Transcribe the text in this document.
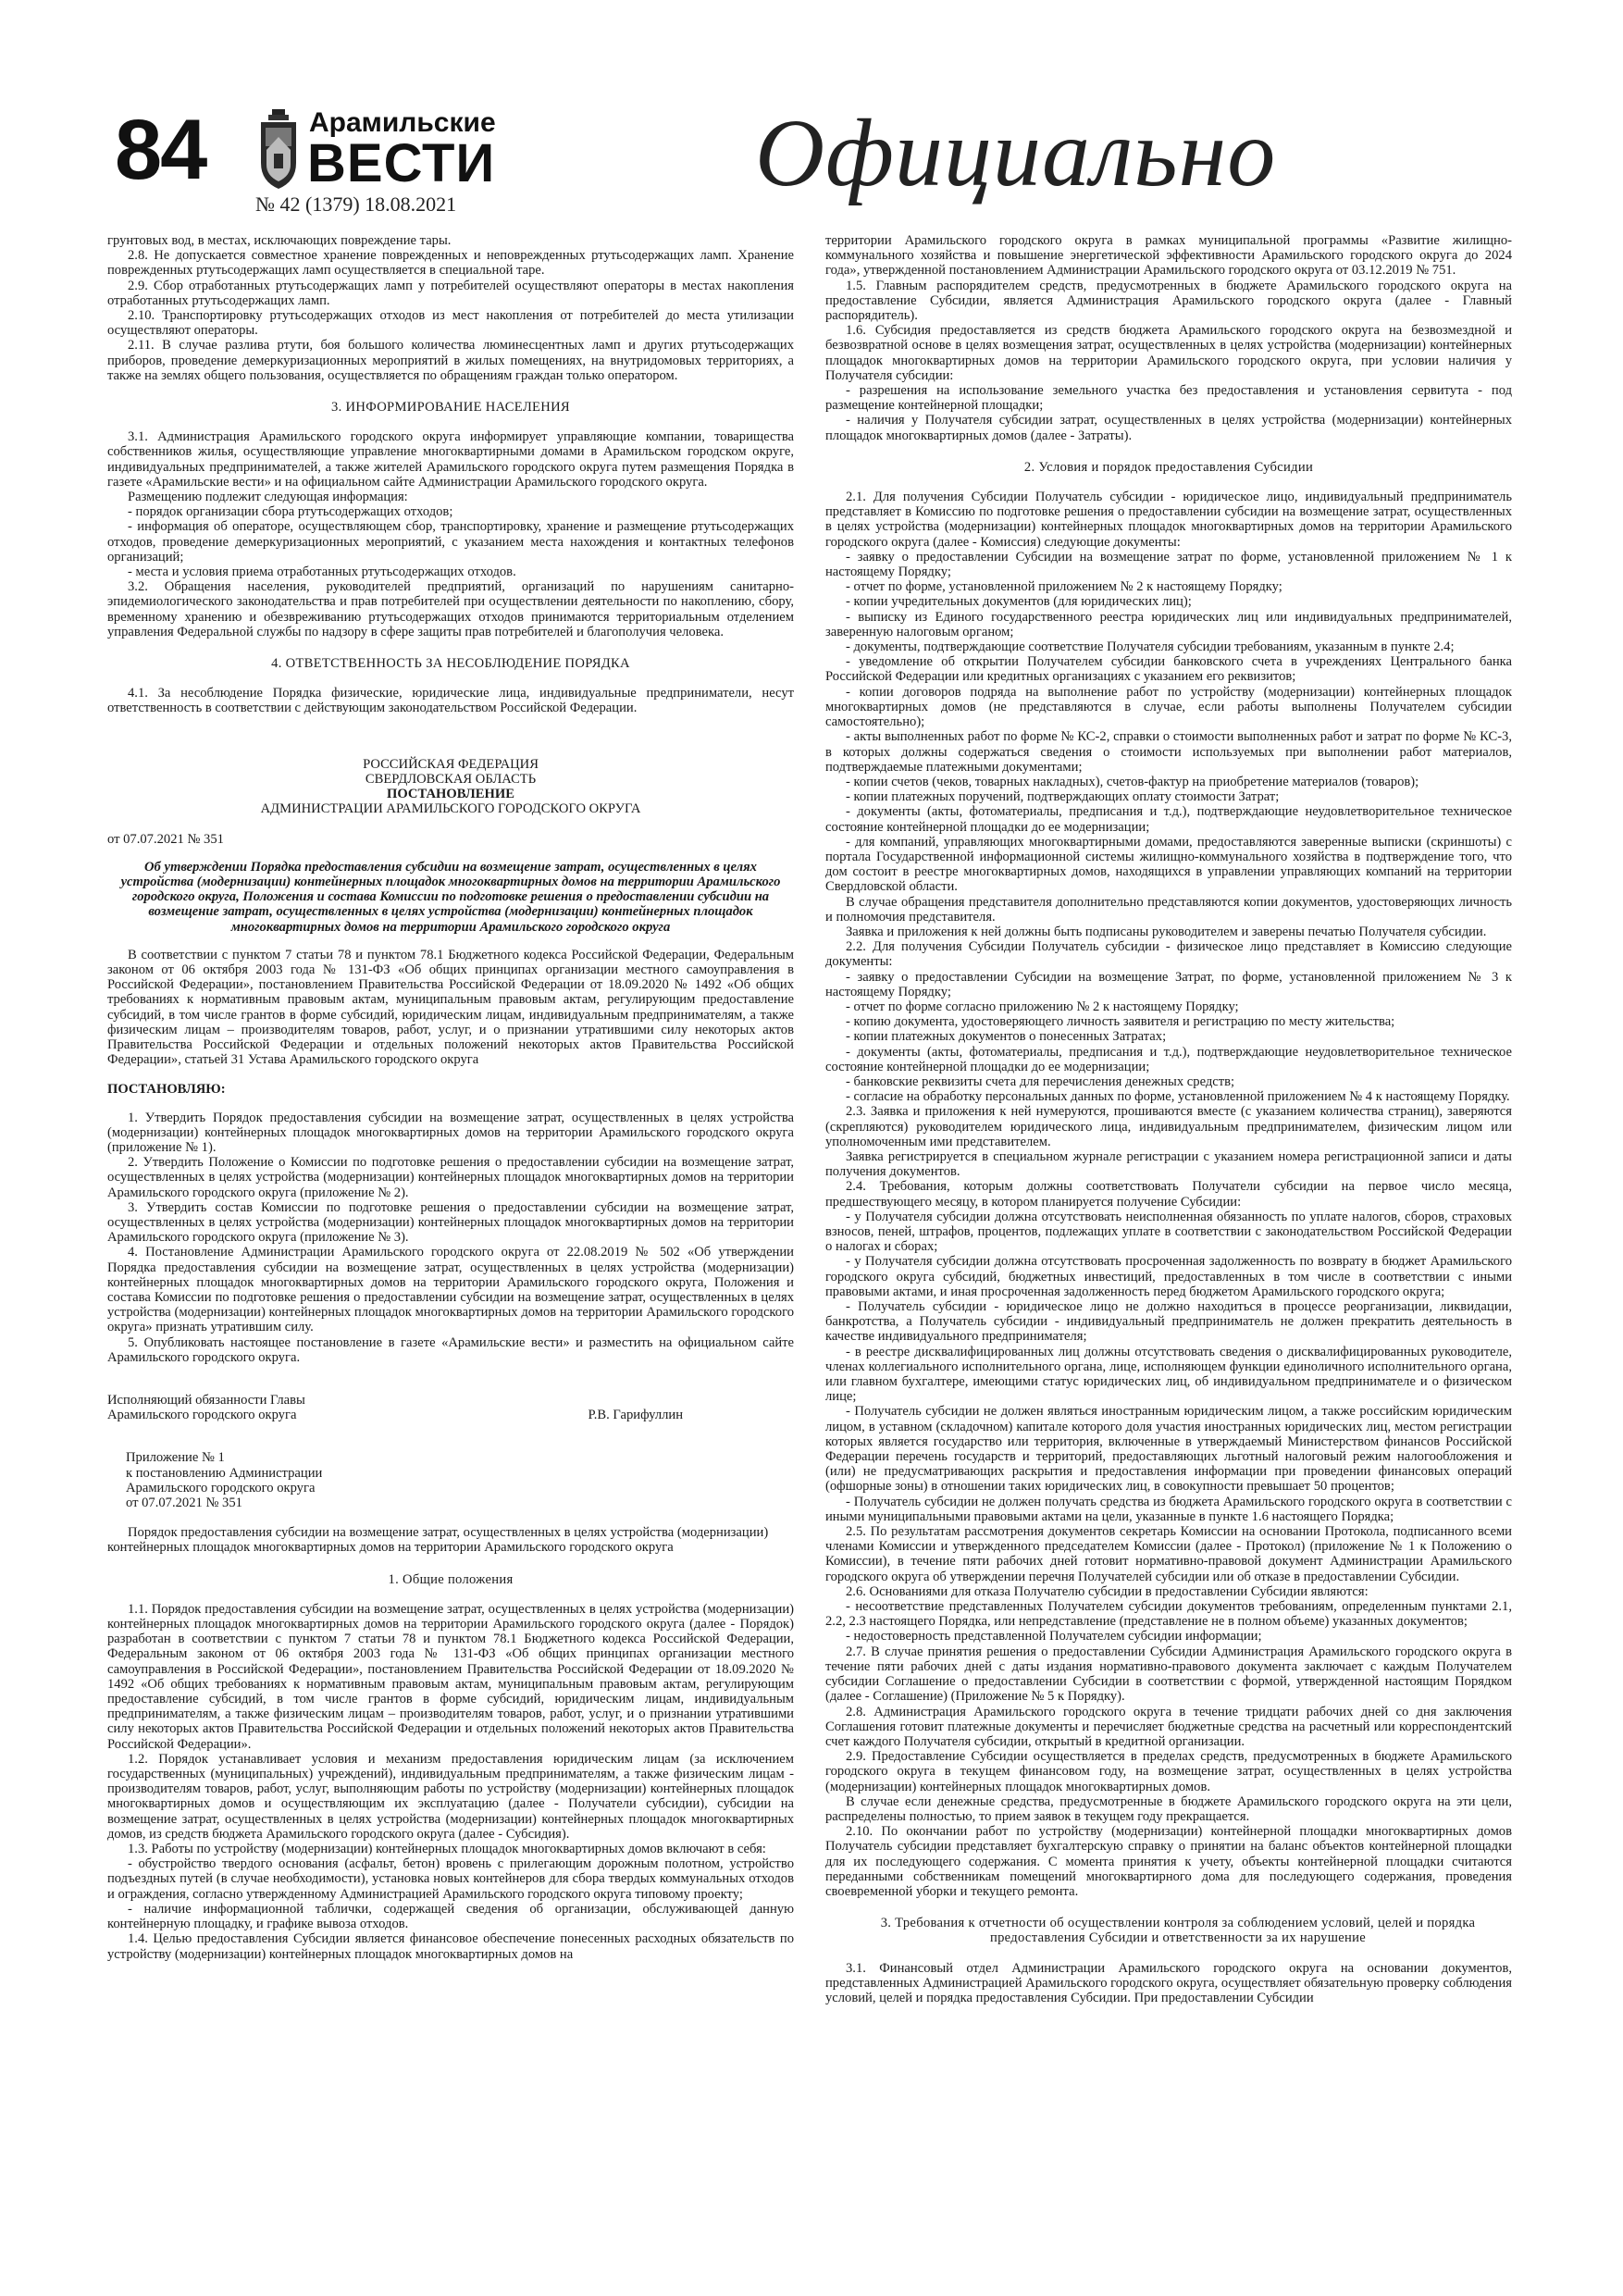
84	Арамильские
ВЕСТИ
№ 42 (1379) 18.08.2021	Официально

грунтовых вод, в местах, исключающих повреждение тары.

2.8. Не допускается совместное хранение поврежденных и неповрежденных ртутьсодержащих ламп. Хранение поврежденных ртутьсодержащих ламп осуществляется в специальной таре.

2.9. Сбор отработанных ртутьсодержащих ламп у потребителей осуществляют операторы в местах накопления отработанных ртутьсодержащих ламп.

2.10. Транспортировку ртутьсодержащих отходов из мест накопления от потребителей до места утилизации осуществляют операторы.

2.11. В случае разлива ртути, боя большого количества люминесцентных ламп и других ртутьсодержащих приборов, проведение демеркуризационных мероприятий в жилых помещениях, на внутридомовых территориях, а также на землях общего пользования, осуществляется по обращениям граждан только оператором.

3. ИНФОРМИРОВАНИЕ НАСЕЛЕНИЯ

3.1. Администрация Арамильского городского округа информирует управляющие компании, товарищества собственников жилья, осуществляющие управление многоквартирными домами в Арамильском городском округе, индивидуальных предпринимателей, а также жителей Арамильского городского округа путем размещения Порядка в газете «Арамильские вести» и на официальном сайте Администрации Арамильского городского округа.

Размещению подлежит следующая информация:

- порядок организации сбора ртутьсодержащих отходов;

- информация об операторе, осуществляющем сбор, транспортировку, хранение и размещение ртутьсодержащих отходов, проведение демеркуризационных мероприятий, с указанием места нахождения и контактных телефонов организаций;

- места и условия приема отработанных ртутьсодержащих отходов.

3.2. Обращения населения, руководителей предприятий, организаций по нарушениям санитарно-эпидемиологического законодательства и прав потребителей при осуществлении деятельности по накоплению, сбору, временному хранению и обезвреживанию ртутьсодержащих отходов принимаются территориальным отделением управления Федеральной службы по надзору в сфере защиты прав потребителей и благополучия человека.

4. ОТВЕТСТВЕННОСТЬ ЗА НЕСОБЛЮДЕНИЕ ПОРЯДКА

4.1. За несоблюдение Порядка физические, юридические лица, индивидуальные предприниматели, несут ответственность в соответствии с действующим законодательством Российской Федерации.

РОССИЙСКАЯ ФЕДЕРАЦИЯ

СВЕРДЛОВСКАЯ ОБЛАСТЬ

ПОСТАНОВЛЕНИЕ

АДМИНИСТРАЦИИ АРАМИЛЬСКОГО ГОРОДСКОГО ОКРУГА

от 07.07.2021 № 351

Об утверждении Порядка предоставления субсидии на возмещение затрат, осуществленных в целях устройства (модернизации) контейнерных площадок многоквартирных домов на территории Арамильского городского округа, Положения и состава Комиссии по подготовке решения о предоставлении субсидии на возмещение затрат, осуществленных в целях устройства (модернизации) контейнерных площадок многоквартирных домов на территории Арамильского городского округа

В соответствии с пунктом 7 статьи 78 и пунктом 78.1 Бюджетного кодекса Российской Федерации, Федеральным законом от 06 октября 2003 года № 131-ФЗ «Об общих принципах организации местного самоуправления в Российской Федерации», постановлением Правительства Российской Федерации от 18.09.2020 № 1492 «Об общих требованиях к нормативным правовым актам, муниципальным правовым актам, регулирующим предоставление субсидий, в том числе грантов в форме субсидий, юридическим лицам, индивидуальным предпринимателям, а также физическим лицам – производителям товаров, работ, услуг, и о признании утратившими силу некоторых актов Правительства Российской Федерации и отдельных положений некоторых актов Правительства Российской Федерации», статьей 31 Устава Арамильского городского округа

ПОСТАНОВЛЯЮ:

1. Утвердить Порядок предоставления субсидии на возмещение затрат, осуществленных в целях устройства (модернизации) контейнерных площадок многоквартирных домов на территории Арамильского городского округа (приложение № 1).

2. Утвердить Положение о Комиссии по подготовке решения о предоставлении субсидии на возмещение затрат, осуществленных в целях устройства (модернизации) контейнерных площадок многоквартирных домов на территории Арамильского городского округа (приложение № 2).

3. Утвердить состав Комиссии по подготовке решения о предоставлении субсидии на возмещение затрат, осуществленных в целях устройства (модернизации) контейнерных площадок многоквартирных домов на территории Арамильского городского округа (приложение № 3).

4. Постановление Администрации Арамильского городского округа от 22.08.2019 № 502 «Об утверждении Порядка предоставления субсидии на возмещение затрат, осуществленных в целях устройства (модернизации) контейнерных площадок многоквартирных домов на территории Арамильского городского округа, Положения и состава Комиссии по подготовке решения о предоставлении субсидии на возмещение затрат, осуществленных в целях устройства (модернизации) контейнерных площадок многоквартирных домов на территории Арамильского городского округа» признать утратившим силу.

5. Опубликовать настоящее постановление в газете «Арамильские вести» и разместить на официальном сайте Арамильского городского округа.

Исполняющий обязанности Главы
Арамильского городского округа	Р.В. Гарифуллин
Приложение № 1
к постановлению Администрации
Арамильского городского округа
от 07.07.2021 № 351

Порядок предоставления субсидии на возмещение затрат, осуществленных в целях устройства (модернизации) контейнерных площадок многоквартирных домов на территории Арамильского городского округа

1. Общие положения

1.1. Порядок предоставления субсидии на возмещение затрат, осуществленных в целях устройства (модернизации) контейнерных площадок многоквартирных домов на территории Арамильского городского округа (далее - Порядок) разработан в соответствии с пунктом 7 статьи 78 и пунктом 78.1 Бюджетного кодекса Российской Федерации, Федеральным законом от 06 октября 2003 года № 131-ФЗ «Об общих принципах организации местного самоуправления в Российской Федерации», постановлением Правительства Российской Федерации от 18.09.2020 № 1492 «Об общих требованиях к нормативным правовым актам, муниципальным правовым актам, регулирующим предоставление субсидий, в том числе грантов в форме субсидий, юридическим лицам, индивидуальным предпринимателям, а также физическим лицам – производителям товаров, работ, услуг, и о признании утратившими силу некоторых актов Правительства Российской Федерации и отдельных положений некоторых актов Правительства Российской Федерации».

1.2. Порядок устанавливает условия и механизм предоставления юридическим лицам (за исключением государственных (муниципальных) учреждений), индивидуальным предпринимателям, а также физическим лицам - производителям товаров, работ, услуг, выполняющим работы по устройству (модернизации) контейнерных площадок многоквартирных домов и осуществляющим их эксплуатацию (далее - Получатели субсидии), субсидии на возмещение затрат, осуществленных в целях устройства (модернизации) контейнерных площадок многоквартирных домов, из средств бюджета Арамильского городского округа (далее - Субсидия).

1.3. Работы по устройству (модернизации) контейнерных площадок многоквартирных домов включают в себя:

- обустройство твердого основания (асфальт, бетон) вровень с прилегающим дорожным полотном, устройство подъездных путей (в случае необходимости), установка новых контейнеров для сбора твердых коммунальных отходов и ограждения, согласно утвержденному Администрацией Арамильского городского округа типовому проекту;

- наличие информационной таблички, содержащей сведения об организации, обслуживающей данную контейнерную площадку, и графике вывоза отходов.

1.4. Целью предоставления Субсидии является финансовое обеспечение понесенных расходных обязательств по устройству (модернизации) контейнерных площадок многоквартирных домов на

территории Арамильского городского округа в рамках муниципальной программы «Развитие жилищно-коммунального хозяйства и повышение энергетической эффективности Арамильского городского округа до 2024 года», утвержденной постановлением Администрации Арамильского городского округа от 03.12.2019 № 751.

1.5. Главным распорядителем средств, предусмотренных в бюджете Арамильского городского округа на предоставление Субсидии, является Администрация Арамильского городского округа (далее - Главный распорядитель).

1.6. Субсидия предоставляется из средств бюджета Арамильского городского округа на безвозмездной и безвозвратной основе в целях возмещения затрат, осуществленных в целях устройства (модернизации) контейнерных площадок многоквартирных домов на территории Арамильского городского округа, при условии наличия у Получателя субсидии:

- разрешения на использование земельного участка без предоставления и установления сервитута - под размещение контейнерной площадки;

- наличия у Получателя субсидии затрат, осуществленных в целях устройства (модернизации) контейнерных площадок многоквартирных домов (далее - Затраты).

2. Условия и порядок предоставления Субсидии

2.1. Для получения Субсидии Получатель субсидии - юридическое лицо, индивидуальный предприниматель представляет в Комиссию по подготовке решения о предоставлении субсидии на возмещение затрат, осуществленных в целях устройства (модернизации) контейнерных площадок многоквартирных домов на территории Арамильского городского округа (далее - Комиссия) следующие документы:

- заявку о предоставлении Субсидии на возмещение затрат по форме, установленной приложением № 1 к настоящему Порядку;

- отчет по форме, установленной приложением № 2 к настоящему Порядку;

- копии учредительных документов (для юридических лиц);

- выписку из Единого государственного реестра юридических лиц или индивидуальных предпринимателей, заверенную налоговым органом;

- документы, подтверждающие соответствие Получателя субсидии требованиям, указанным в пункте 2.4;

- уведомление об открытии Получателем субсидии банковского счета в учреждениях Центрального банка Российской Федерации или кредитных организациях с указанием его реквизитов;

- копии договоров подряда на выполнение работ по устройству (модернизации) контейнерных площадок многоквартирных домов (не представляются в случае, если работы выполнены Получателем субсидии самостоятельно);

- акты выполненных работ по форме № КС-2, справки о стоимости выполненных работ и затрат по форме № КС-3, в которых должны содержаться сведения о стоимости используемых при выполнении работ материалов, подтверждаемые платежными документами;

- копии счетов (чеков, товарных накладных), счетов-фактур на приобретение материалов (товаров);

- копии платежных поручений, подтверждающих оплату стоимости Затрат;

- документы (акты, фотоматериалы, предписания и т.д.), подтверждающие неудовлетворительное техническое состояние контейнерной площадки до ее модернизации;

- для компаний, управляющих многоквартирными домами, предоставляются заверенные выписки (скриншоты) с портала Государственной информационной системы жилищно-коммунального хозяйства в подтверждение того, что дом состоит в реестре многоквартирных домов, находящихся в управлении управляющих компаний на территории Свердловской области.

В случае обращения представителя дополнительно представляются копии документов, удостоверяющих личность и полномочия представителя.

Заявка и приложения к ней должны быть подписаны руководителем и заверены печатью Получателя субсидии.

2.2. Для получения Субсидии Получатель субсидии - физическое лицо представляет в Комиссию следующие документы:

- заявку о предоставлении Субсидии на возмещение Затрат, по форме, установленной приложением № 3 к настоящему Порядку;

- отчет по форме согласно приложению № 2 к настоящему Порядку;

- копию документа, удостоверяющего личность заявителя и регистрацию по месту жительства;

- копии платежных документов о понесенных Затратах;

- документы (акты, фотоматериалы, предписания и т.д.), подтверждающие неудовлетворительное техническое состояние контейнерной площадки до ее модернизации;

- банковские реквизиты счета для перечисления денежных средств;

- согласие на обработку персональных данных по форме, установленной приложением № 4 к настоящему Порядку.

2.3. Заявка и приложения к ней нумеруются, прошиваются вместе (с указанием количества страниц), заверяются (скрепляются) руководителем юридического лица, индивидуальным предпринимателем, физическим лицом или уполномоченным ими представителем.

Заявка регистрируется в специальном журнале регистрации с указанием номера регистрационной записи и даты получения документов.

2.4. Требования, которым должны соответствовать Получатели субсидии на первое число месяца, предшествующего месяцу, в котором планируется получение Субсидии:

- у Получателя субсидии должна отсутствовать неисполненная обязанность по уплате налогов, сборов, страховых взносов, пеней, штрафов, процентов, подлежащих уплате в соответствии с законодательством Российской Федерации о налогах и сборах;

- у Получателя субсидии должна отсутствовать просроченная задолженность по возврату в бюджет Арамильского городского округа субсидий, бюджетных инвестиций, предоставленных в том числе в соответствии с иными правовыми актами, и иная просроченная задолженность перед бюджетом Арамильского городского округа;

- Получатель субсидии - юридическое лицо не должно находиться в процессе реорганизации, ликвидации, банкротства, а Получатель субсидии - индивидуальный предприниматель не должен прекратить деятельность в качестве индивидуального предпринимателя;

- в реестре дисквалифицированных лиц должны отсутствовать сведения о дисквалифицированных руководителе, членах коллегиального исполнительного органа, лице, исполняющем функции единоличного исполнительного органа, или главном бухгалтере, имеющими статус юридических лиц, об индивидуальном предпринимателе и о физическом лице;

- Получатель субсидии не должен являться иностранным юридическим лицом, а также российским юридическим лицом, в уставном (складочном) капитале которого доля участия иностранных юридических лиц, местом регистрации которых является государство или территория, включенные в утверждаемый Министерством финансов Российской Федерации перечень государств и территорий, предоставляющих льготный налоговый режим налогообложения и (или) не предусматривающих раскрытия и предоставления информации при проведении финансовых операций (офшорные зоны) в отношении таких юридических лиц, в совокупности превышает 50 процентов;

- Получатель субсидии не должен получать средства из бюджета Арамильского городского округа в соответствии с иными муниципальными правовыми актами на цели, указанные в пункте 1.6 настоящего Порядка;

2.5. По результатам рассмотрения документов секретарь Комиссии на основании Протокола, подписанного всеми членами Комиссии и утвержденного председателем Комиссии (далее - Протокол) (приложение № 1 к Положению о Комиссии), в течение пяти рабочих дней готовит нормативно-правовой документ Администрации Арамильского городского округа об утверждении перечня Получателей субсидии или об отказе в предоставлении Субсидии.

2.6. Основаниями для отказа Получателю субсидии в предоставлении Субсидии являются:

- несоответствие представленных Получателем субсидии документов требованиям, определенным пунктами 2.1, 2.2, 2.3 настоящего Порядка, или непредставление (представление не в полном объеме) указанных документов;

- недостоверность представленной Получателем субсидии информации;

2.7. В случае принятия решения о предоставлении Субсидии Администрация Арамильского городского округа в течение пяти рабочих дней с даты издания нормативно-правового документа заключает с каждым Получателем субсидии Соглашение о предоставлении Субсидии в соответствии с формой, утвержденной настоящим Порядком (далее - Соглашение) (Приложение № 5 к Порядку).

2.8. Администрация Арамильского городского округа в течение тридцати рабочих дней со дня заключения Соглашения готовит платежные документы и перечисляет бюджетные средства на расчетный или корреспондентский счет каждого Получателя субсидии, открытый в кредитной организации.

2.9. Предоставление Субсидии осуществляется в пределах средств, предусмотренных в бюджете Арамильского городского округа в текущем финансовом году, на возмещение затрат, осуществленных в целях устройства (модернизации) контейнерных площадок многоквартирных домов.

В случае если денежные средства, предусмотренные в бюджете Арамильского городского округа на эти цели, распределены полностью, то прием заявок в текущем году прекращается.

2.10. По окончании работ по устройству (модернизации) контейнерной площадки многоквартирных домов Получатель субсидии представляет бухгалтерскую справку о принятии на баланс объектов контейнерной площадки для их последующего содержания. С момента принятия к учету, объекты контейнерной площадки считаются переданными собственникам помещений многоквартирного дома для последующего содержания, проведения своевременной уборки и текущего ремонта.

3. Требования к отчетности об осуществлении контроля за соблюдением условий, целей и порядка предоставления Субсидии и ответственности за их нарушение

3.1. Финансовый отдел Администрации Арамильского городского округа на основании документов, представленных Администрацией Арамильского городского округа, осуществляет обязательную проверку соблюдения условий, целей и порядка предоставления Субсидии. При предоставлении Субсидии
